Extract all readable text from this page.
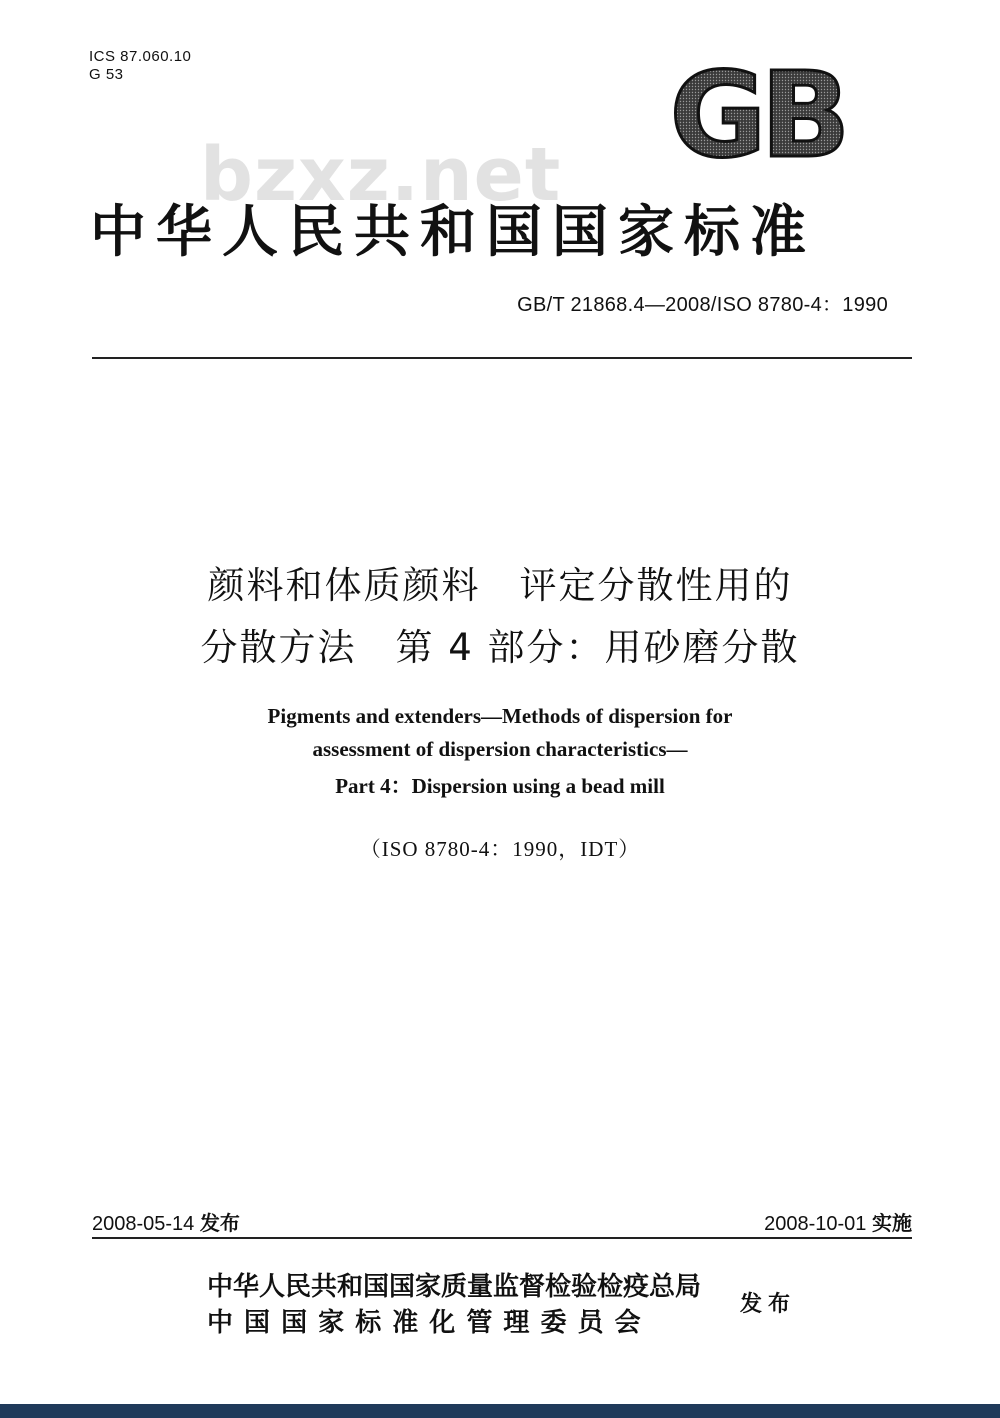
ICS 87.060.10
G 53	GB
bzxz.net
中华人民共和国国家标准
GB/T 21868.4—2008/ISO 8780-4：1990
颜料和体质颜料　评定分散性用的
分散方法　第 4 部分：用砂磨分散
Pigments and extenders—Methods of dispersion for
assessment of dispersion characteristics—
Part 4：Dispersion using a bead mill
（ISO 8780-4：1990，IDT）
2008-05-14 发布	2008-10-01 实施
中华人民共和国国家质量监督检验检疫总局
中 国 国 家 标 准 化 管 理 委 员 会
发布
